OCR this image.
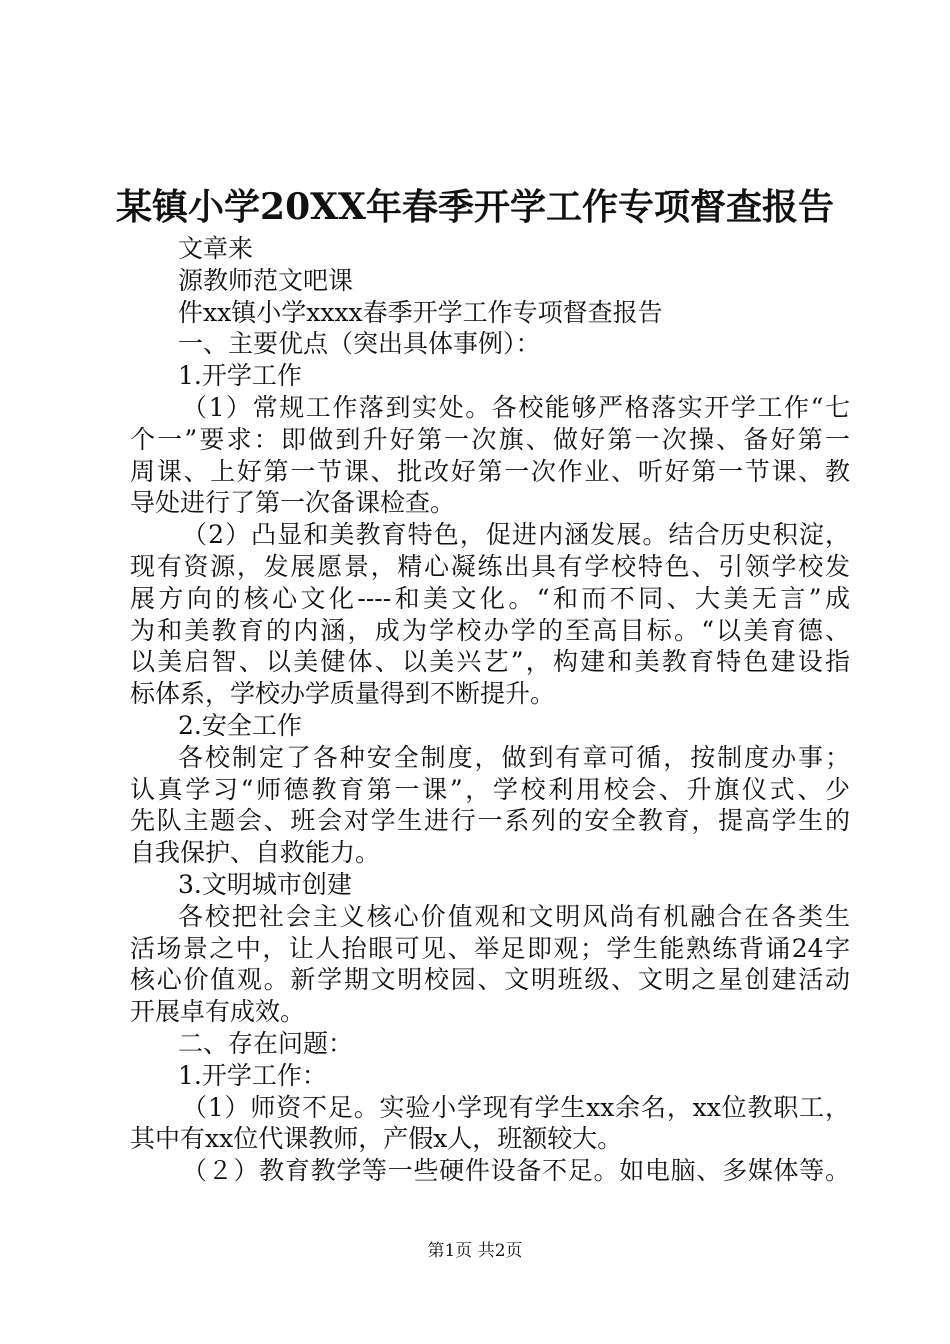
某镇小学20XX年春季开学工作专项督查报告
文章来
源教师范文吧课
件xx镇小学xxxx春季开学工作专项督查报告
一、主要优点（突出具体事例）：
1.开学工作
（1）常规工作落到实处。各校能够严格落实开学工作“七
个一”要求：即做到升好第一次旗、做好第一次操、备好第一
周课、上好第一节课、批改好第一次作业、听好第一节课、教
导处进行了第一次备课检查。
（2）凸显和美教育特色，促进内涵发展。结合历史积淀，
现有资源，发展愿景，精心凝练出具有学校特色、引领学校发
展方向的核心文化----和美文化。“和而不同、大美无言”成
为和美教育的内涵，成为学校办学的至高目标。“以美育德、
以美启智、以美健体、以美兴艺”，构建和美教育特色建设指
标体系，学校办学质量得到不断提升。
2.安全工作
各校制定了各种安全制度，做到有章可循，按制度办事；
认真学习“师德教育第一课”，学校利用校会、升旗仪式、少
先队主题会、班会对学生进行一系列的安全教育，提高学生的
自我保护、自救能力。
3.文明城市创建
各校把社会主义核心价值观和文明风尚有机融合在各类生
活场景之中，让人抬眼可见、举足即观；学生能熟练背诵24字
核心价值观。新学期文明校园、文明班级、文明之星创建活动
开展卓有成效。
二、存在问题：
1.开学工作：
（1）师资不足。实验小学现有学生xx余名，xx位教职工，
其中有xx位代课教师，产假x人，班额较大。
（２）教育教学等一些硬件设备不足。如电脑、多媒体等。
第1页 共2页
